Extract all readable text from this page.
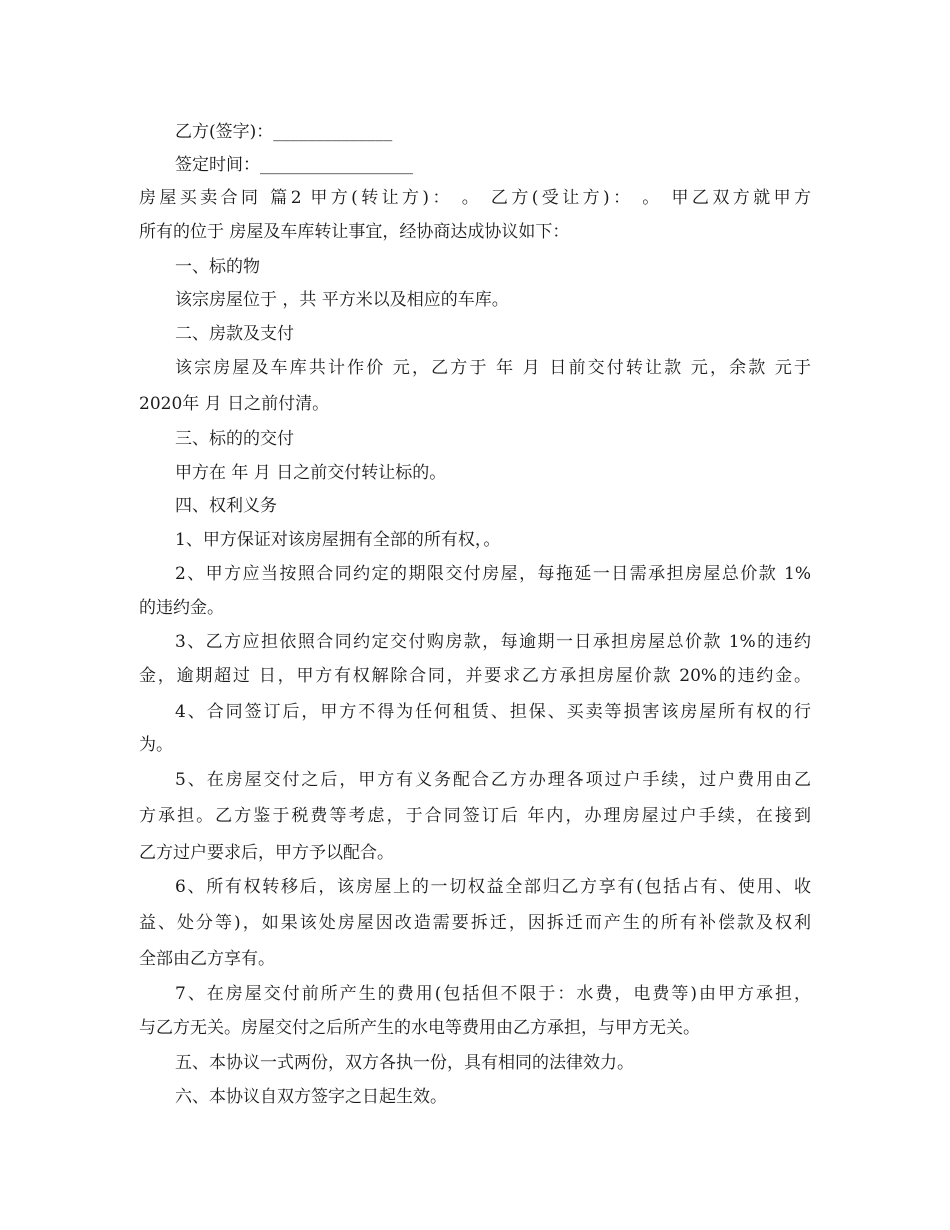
乙方(签字)：______________
签定时间：__________________
房屋买卖合同 篇2 甲方(转让方)： 。 乙方(受让方)： 。 甲乙双方就甲方
所有的位于 房屋及车库转让事宜，经协商达成协议如下：
一、标的物
该宗房屋位于 ，共 平方米以及相应的车库。
二、房款及支付
该宗房屋及车库共计作价 元，乙方于 年 月 日前交付转让款 元，余款 元于
2020年 月 日之前付清。
三、标的的交付
甲方在 年 月 日之前交付转让标的。
四、权利义务
1、甲方保证对该房屋拥有全部的所有权，。
2、甲方应当按照合同约定的期限交付房屋，每拖延一日需承担房屋总价款 1%
的违约金。
3、乙方应担依照合同约定交付购房款，每逾期一日承担房屋总价款 1%的违约
金，逾期超过 日，甲方有权解除合同，并要求乙方承担房屋价款 20%的违约金。
4、合同签订后，甲方不得为任何租赁、担保、买卖等损害该房屋所有权的行
为。
5、在房屋交付之后，甲方有义务配合乙方办理各项过户手续，过户费用由乙
方承担。乙方鉴于税费等考虑，于合同签订后 年内，办理房屋过户手续，在接到
乙方过户要求后，甲方予以配合。
6、所有权转移后，该房屋上的一切权益全部归乙方享有(包括占有、使用、收
益、处分等)，如果该处房屋因改造需要拆迁，因拆迁而产生的所有补偿款及权利
全部由乙方享有。
7、在房屋交付前所产生的费用(包括但不限于：水费，电费等)由甲方承担，
与乙方无关。房屋交付之后所产生的水电等费用由乙方承担，与甲方无关。
五、本协议一式两份，双方各执一份，具有相同的法律效力。
六、本协议自双方签字之日起生效。
